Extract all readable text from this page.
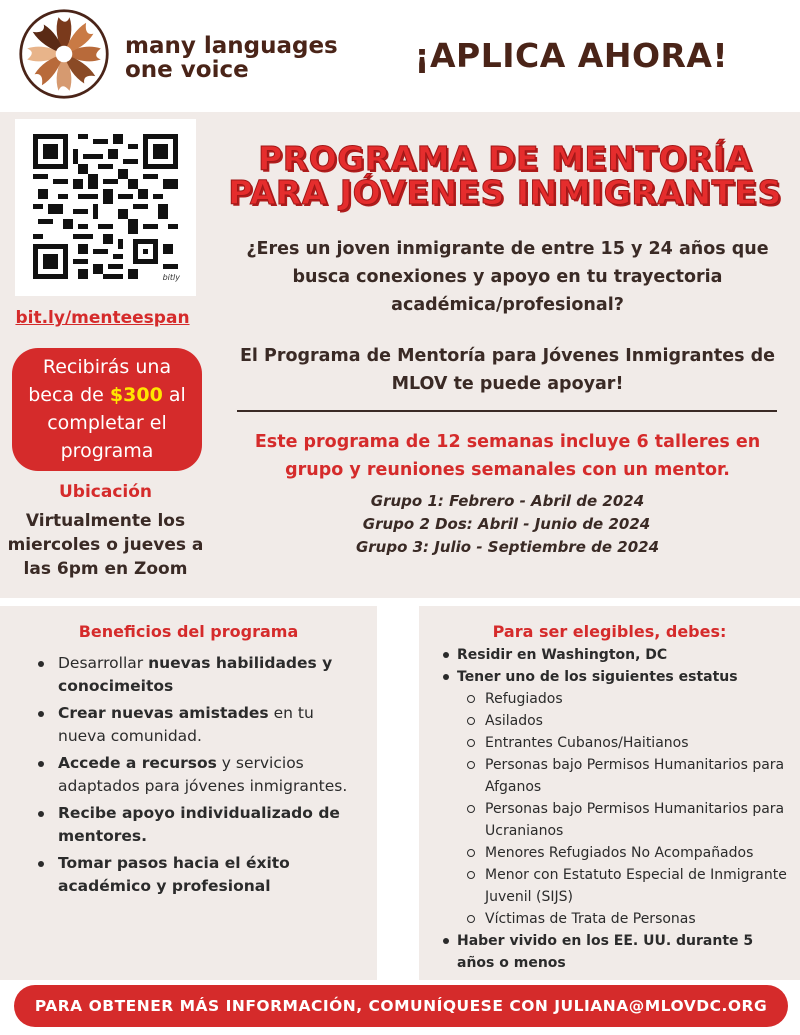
many languages
one voice	¡APLICA AHORA!
bitly
bit.ly/menteespan
Recibirás una
beca de $300 al
completar el
programa
Ubicación
Virtualmente los
miercoles o jueves a
las 6pm en Zoom
PROGRAMA DE MENTORÍA
PARA JÓVENES INMIGRANTES
¿Eres un joven inmigrante de entre 15 y 24 años que
busca conexiones y apoyo en tu trayectoria
académica/profesional?
El Programa de Mentoría para Jóvenes Inmigrantes de
MLOV te puede apoyar!
Este programa de 12 semanas incluye 6 talleres en
grupo y reuniones semanales con un mentor.
Grupo 1: Febrero - Abril de 2024
Grupo 2 Dos: Abril - Junio de 2024
Grupo 3: Julio - Septiembre de 2024
Beneficios del programa
Desarrollar nuevas habilidades y conocimeitos
Crear nuevas amistades en tu nueva comunidad.
Accede a recursos y servicios adaptados para jóvenes inmigrantes.
Recibe apoyo individualizado de mentores.
Tomar pasos hacia el éxito académico y profesional
Para ser elegibles, debes:
Residir en Washington, DC
Tener uno de los siguientes estatus
Refugiados
Asilados
Entrantes Cubanos/Haitianos
Personas bajo Permisos Humanitarios para Afganos
Personas bajo Permisos Humanitarios para Ucranianos
Menores Refugiados No Acompañados
Menor con Estatuto Especial de Inmigrante Juvenil (SIJS)
Víctimas de Trata de Personas
Haber vivido en los EE. UU. durante 5 años o menos
PARA OBTENER MÁS INFORMACIÓN, COMUNÍQUESE CON JULIANA@MLOVDC.ORG
